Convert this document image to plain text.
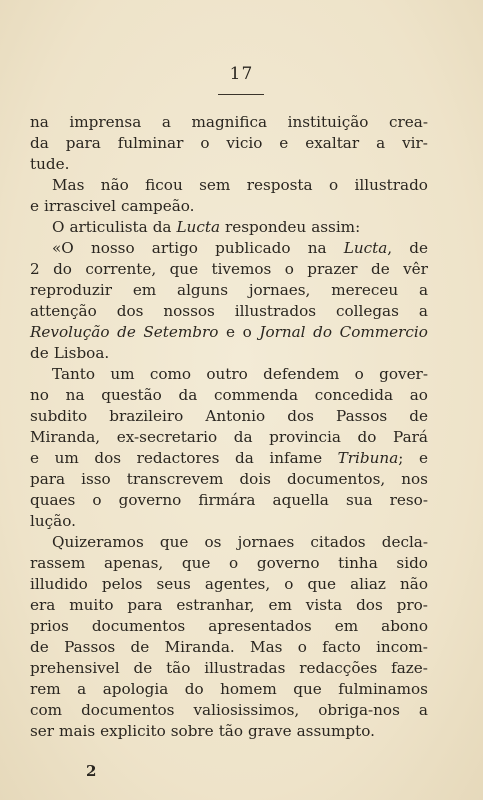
17
na imprensa a magnifica instituição crea-
da para fulminar o vicio e exaltar a vir-
tude.
Mas não ficou sem resposta o illustrado
e irrascivel campeão.
O articulista da Lucta respondeu assim:
«O nosso artigo publicado na Lucta, de
2 do corrente, que tivemos o prazer de vêr
reproduzir em alguns jornaes, mereceu a
attenção dos nossos illustrados collegas a
Revolução de Setembro e o Jornal do Commercio
de Lisboa.
Tanto um como outro defendem o gover-
no na questão da commenda concedida ao
subdito brazileiro Antonio dos Passos de
Miranda, ex-secretario da provincia do Pará
e um dos redactores da infame Tribuna; e
para isso transcrevem dois documentos, nos
quaes o governo firmára aquella sua reso-
lução.
Quizeramos que os jornaes citados decla-
rassem apenas, que o governo tinha sido
illudido pelos seus agentes, o que aliaz não
era muito para estranhar, em vista dos pro-
prios documentos apresentados em abono
de Passos de Miranda. Mas o facto incom-
prehensivel de tão illustradas redacções faze-
rem a apologia do homem que fulminamos
com documentos valiosissimos, obriga-nos a
ser mais explicito sobre tão grave assumpto.
2
